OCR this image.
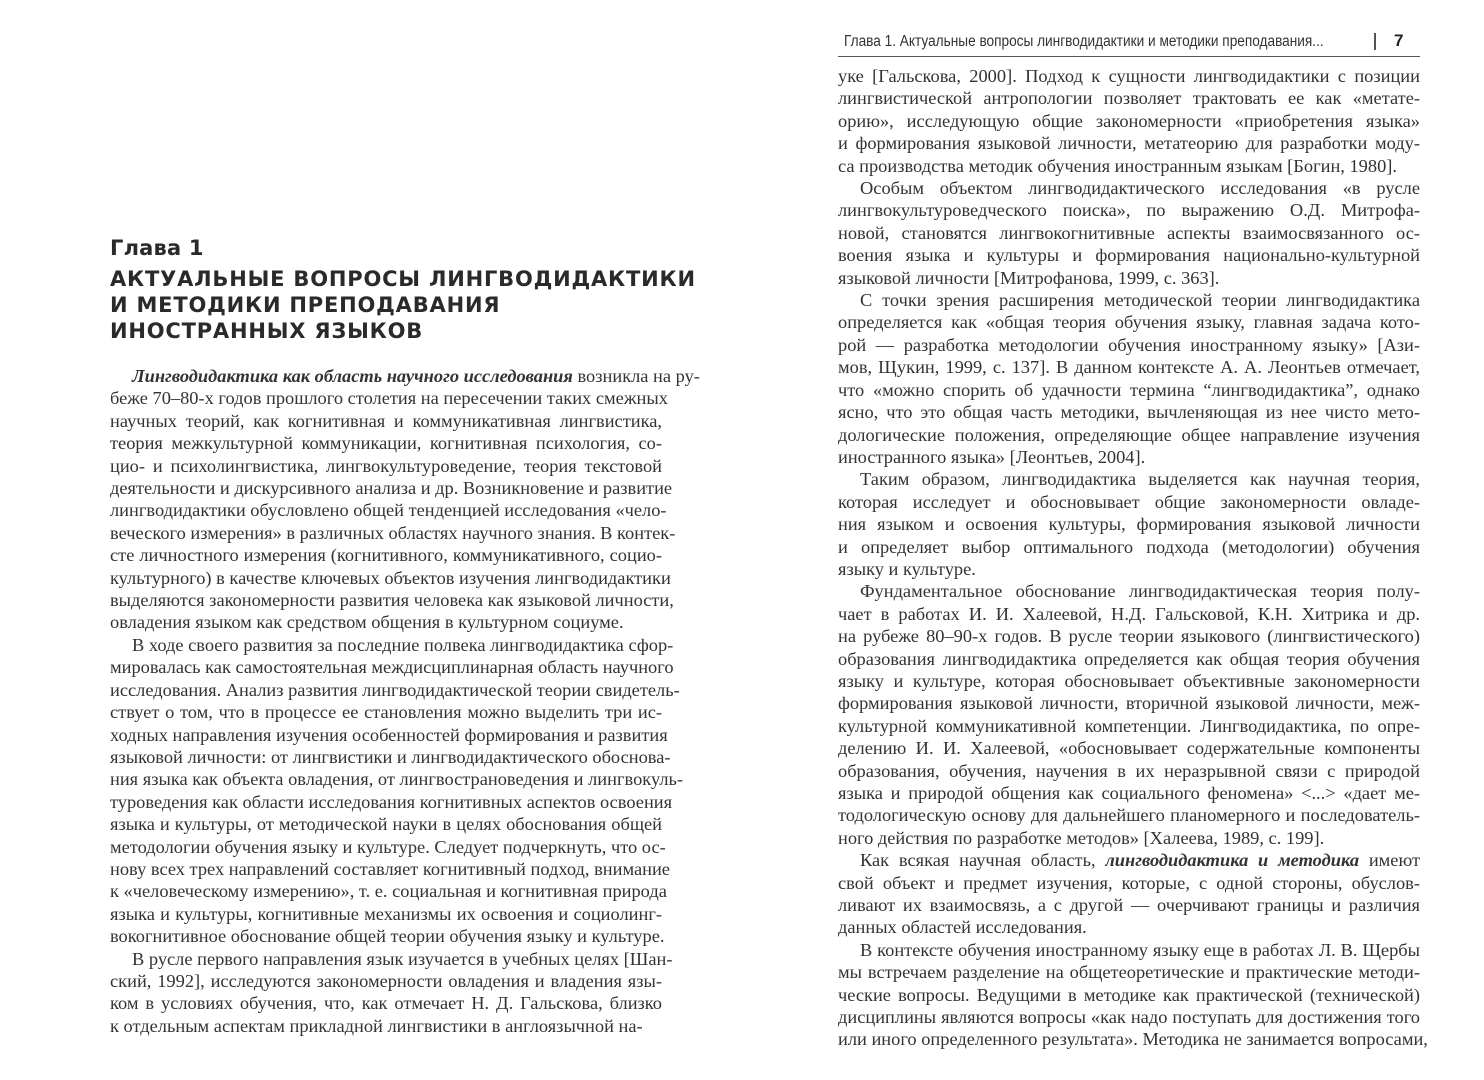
Глава 1
АКТУАЛЬНЫЕ ВОПРОСЫ ЛИНГВОДИДАКТИКИ
И МЕТОДИКИ ПРЕПОДАВАНИЯ
ИНОСТРАННЫХ ЯЗЫКОВ
Лингводидактика как область научного исследования возникла на ру-
беже 70–80-х годов прошлого столетия на пересечении таких смежных
научных теорий, как когнитивная и коммуникативная лингвистика,
теория межкультурной коммуникации, когнитивная психология, со-
цио- и психолингвистика, лингвокультуроведение, теория текстовой
деятельности и дискурсивного анализа и др. Возникновение и развитие
лингводидактики обусловлено общей тенденцией исследования «чело-
веческого измерения» в различных областях научного знания. В контек-
сте личностного измерения (когнитивного, коммуникативного, социо-
культурного) в качестве ключевых объектов изучения лингводидактики
выделяются закономерности развития человека как языковой личности,
овладения языком как средством общения в культурном социуме.
В ходе своего развития за последние полвека лингводидактика сфор-
мировалась как самостоятельная междисциплинарная область научного
исследования. Анализ развития лингводидактической теории свидетель-
ствует о том, что в процессе ее становления можно выделить три ис-
ходных направления изучения особенностей формирования и развития
языковой личности: от лингвистики и лингводидактического обоснова-
ния языка как объекта овладения, от лингвострановедения и лингвокуль-
туроведения как области исследования когнитивных аспектов освоения
языка и культуры, от методической науки в целях обоснования общей
методологии обучения языку и культуре. Следует подчеркнуть, что ос-
нову всех трех направлений составляет когнитивный подход, внимание
к «человеческому измерению», т. е. социальная и когнитивная природа
языка и культуры, когнитивные механизмы их освоения и социолинг-
вокогнитивное обоснование общей теории обучения языку и культуре.
В русле первого направления язык изучается в учебных целях [Шан-
ский, 1992], исследуются закономерности овладения и владения язы-
ком в условиях обучения, что, как отмечает Н. Д. Гальскова, близко
к отдельным аспектам прикладной лингвистики в англоязычной на-
Глава 1. Актуальные вопросы лингводидактики и методики преподавания...	7
уке [Гальскова, 2000]. Подход к сущности лингводидактики с позиции
лингвистической антропологии позволяет трактовать ее как «метате-
орию», исследующую общие закономерности «приобретения языка»
и формирования языковой личности, метатеорию для разработки моду-
са производства методик обучения иностранным языкам [Богин, 1980].
Особым объектом лингводидактического исследования «в русле
лингвокультуроведческого поиска», по выражению О.Д. Митрофа-
новой, становятся лингвокогнитивные аспекты взаимосвязанного ос-
воения языка и культуры и формирования национально-культурной
языковой личности [Митрофанова, 1999, с. 363].
С точки зрения расширения методической теории лингводидактика
определяется как «общая теория обучения языку, главная задача кото-
рой — разработка методологии обучения иностранному языку» [Ази-
мов, Щукин, 1999, с. 137]. В данном контексте А. А. Леонтьев отмечает,
что «можно спорить об удачности термина “лингводидактика”, однако
ясно, что это общая часть методики, вычленяющая из нее чисто мето-
дологические положения, определяющие общее направление изучения
иностранного языка» [Леонтьев, 2004].
Таким образом, лингводидактика выделяется как научная теория,
которая исследует и обосновывает общие закономерности овладе-
ния языком и освоения культуры, формирования языковой личности
и определяет выбор оптимального подхода (методологии) обучения
языку и культуре.
Фундаментальное обоснование лингводидактическая теория полу-
чает в работах И. И. Халеевой, Н.Д. Гальсковой, К.Н. Хитрика и др.
на рубеже 80–90-х годов. В русле теории языкового (лингвистического)
образования лингводидактика определяется как общая теория обучения
языку и культуре, которая обосновывает объективные закономерности
формирования языковой личности, вторичной языковой личности, меж-
культурной коммуникативной компетенции. Лингводидактика, по опре-
делению И. И. Халеевой, «обосновывает содержательные компоненты
образования, обучения, научения в их неразрывной связи с природой
языка и природой общения как социального феномена» <...> «дает ме-
тодологическую основу для дальнейшего планомерного и последователь-
ного действия по разработке методов» [Халеева, 1989, с. 199].
Как всякая научная область, лингводидактика и методика имеют
свой объект и предмет изучения, которые, с одной стороны, обуслов-
ливают их взаимосвязь, а с другой — очерчивают границы и различия
данных областей исследования.
В контексте обучения иностранному языку еще в работах Л. В. Щербы
мы встречаем разделение на общетеоретические и практические методи-
ческие вопросы. Ведущими в методике как практической (технической)
дисциплины являются вопросы «как надо поступать для достижения того
или иного определенного результата». Методика не занимается вопросами,
